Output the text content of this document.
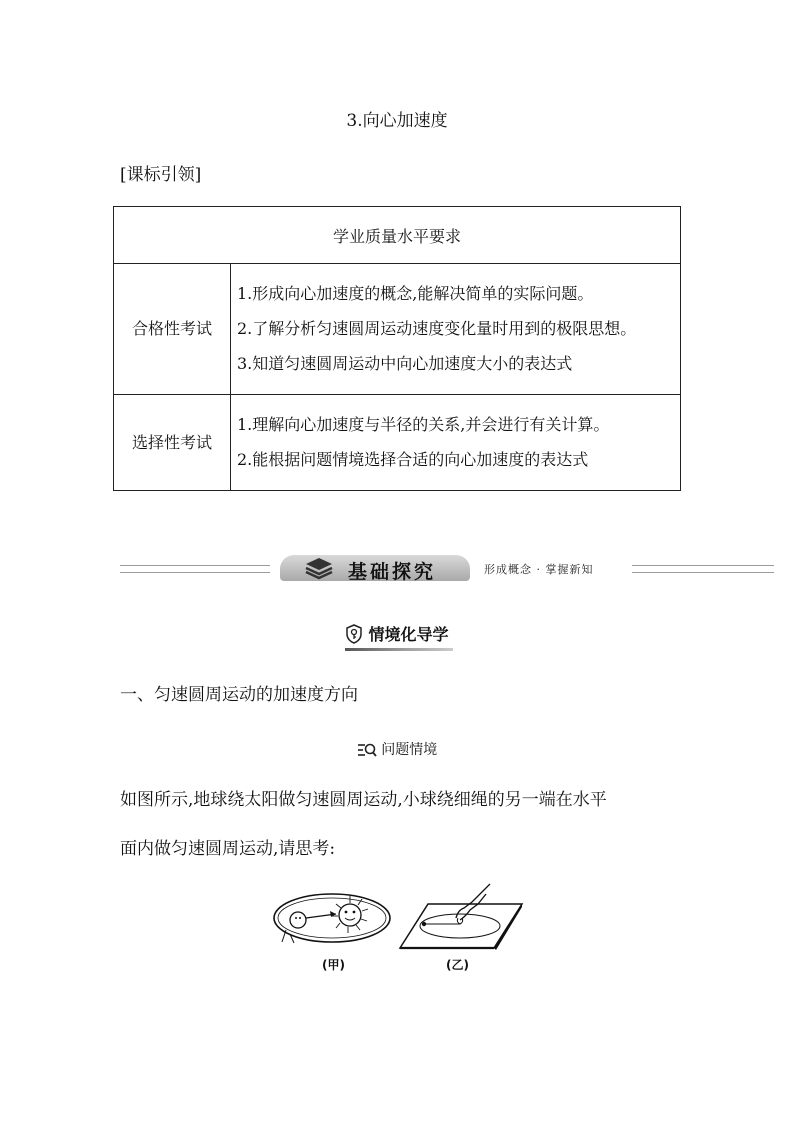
3.向心加速度
[课标引领]
学业质量水平要求	
合格性考试	1.形成向心加速度的概念,能解决简单的实际问题。
2.了解分析匀速圆周运动速度变化量时用到的极限思想。
3.知道匀速圆周运动中向心加速度大小的表达式

选择性考试	1.理解向心加速度与半径的关系,并会进行有关计算。
2.能根据问题情境选择合适的向心加速度的表达式
基础探究	形成概念 · 掌握新知
情境化导学
一、匀速圆周运动的加速度方向
问题情境
如图所示,地球绕太阳做匀速圆周运动,小球绕细绳的另一端在水平
面内做匀速圆周运动,请思考:
(甲)	(乙)
